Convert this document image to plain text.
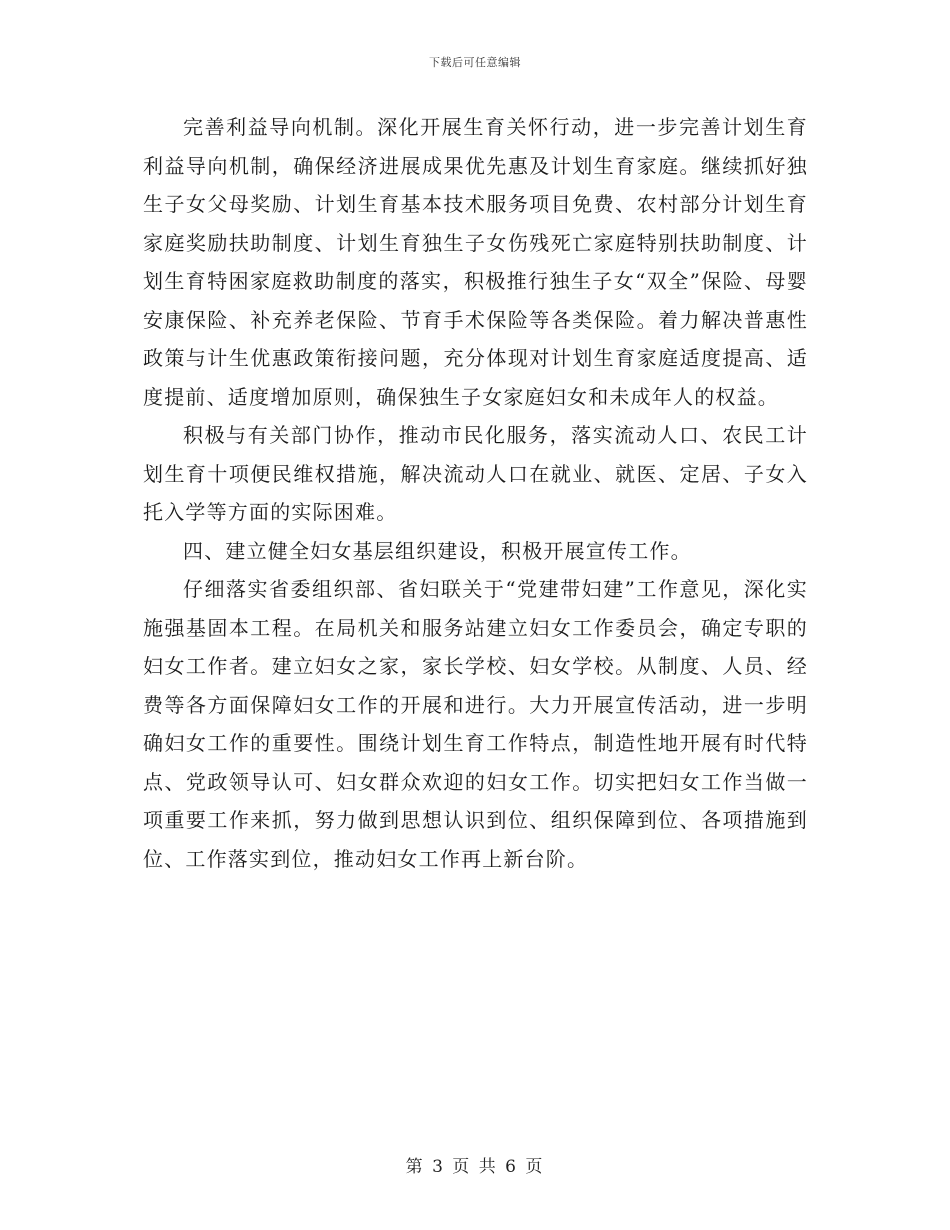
下载后可任意编辑

完善利益导向机制。深化开展生育关怀行动，进一步完善计划生育利益导向机制，确保经济进展成果优先惠及计划生育家庭。继续抓好独生子女父母奖励、计划生育基本技术服务项目免费、农村部分计划生育家庭奖励扶助制度、计划生育独生子女伤残死亡家庭特别扶助制度、计划生育特困家庭救助制度的落实，积极推行独生子女“双全”保险、母婴安康保险、补充养老保险、节育手术保险等各类保险。着力解决普惠性政策与计生优惠政策衔接问题，充分体现对计划生育家庭适度提高、适度提前、适度增加原则，确保独生子女家庭妇女和未成年人的权益。

积极与有关部门协作，推动市民化服务，落实流动人口、农民工计划生育十项便民维权措施，解决流动人口在就业、就医、定居、子女入托入学等方面的实际困难。

四、建立健全妇女基层组织建设，积极开展宣传工作。

仔细落实省委组织部、省妇联关于“党建带妇建”工作意见，深化实施强基固本工程。在局机关和服务站建立妇女工作委员会，确定专职的妇女工作者。建立妇女之家，家长学校、妇女学校。从制度、人员、经费等各方面保障妇女工作的开展和进行。大力开展宣传活动，进一步明确妇女工作的重要性。围绕计划生育工作特点，制造性地开展有时代特点、党政领导认可、妇女群众欢迎的妇女工作。切实把妇女工作当做一项重要工作来抓，努力做到思想认识到位、组织保障到位、各项措施到位、工作落实到位，推动妇女工作再上新台阶。

第 3 页 共 6 页
